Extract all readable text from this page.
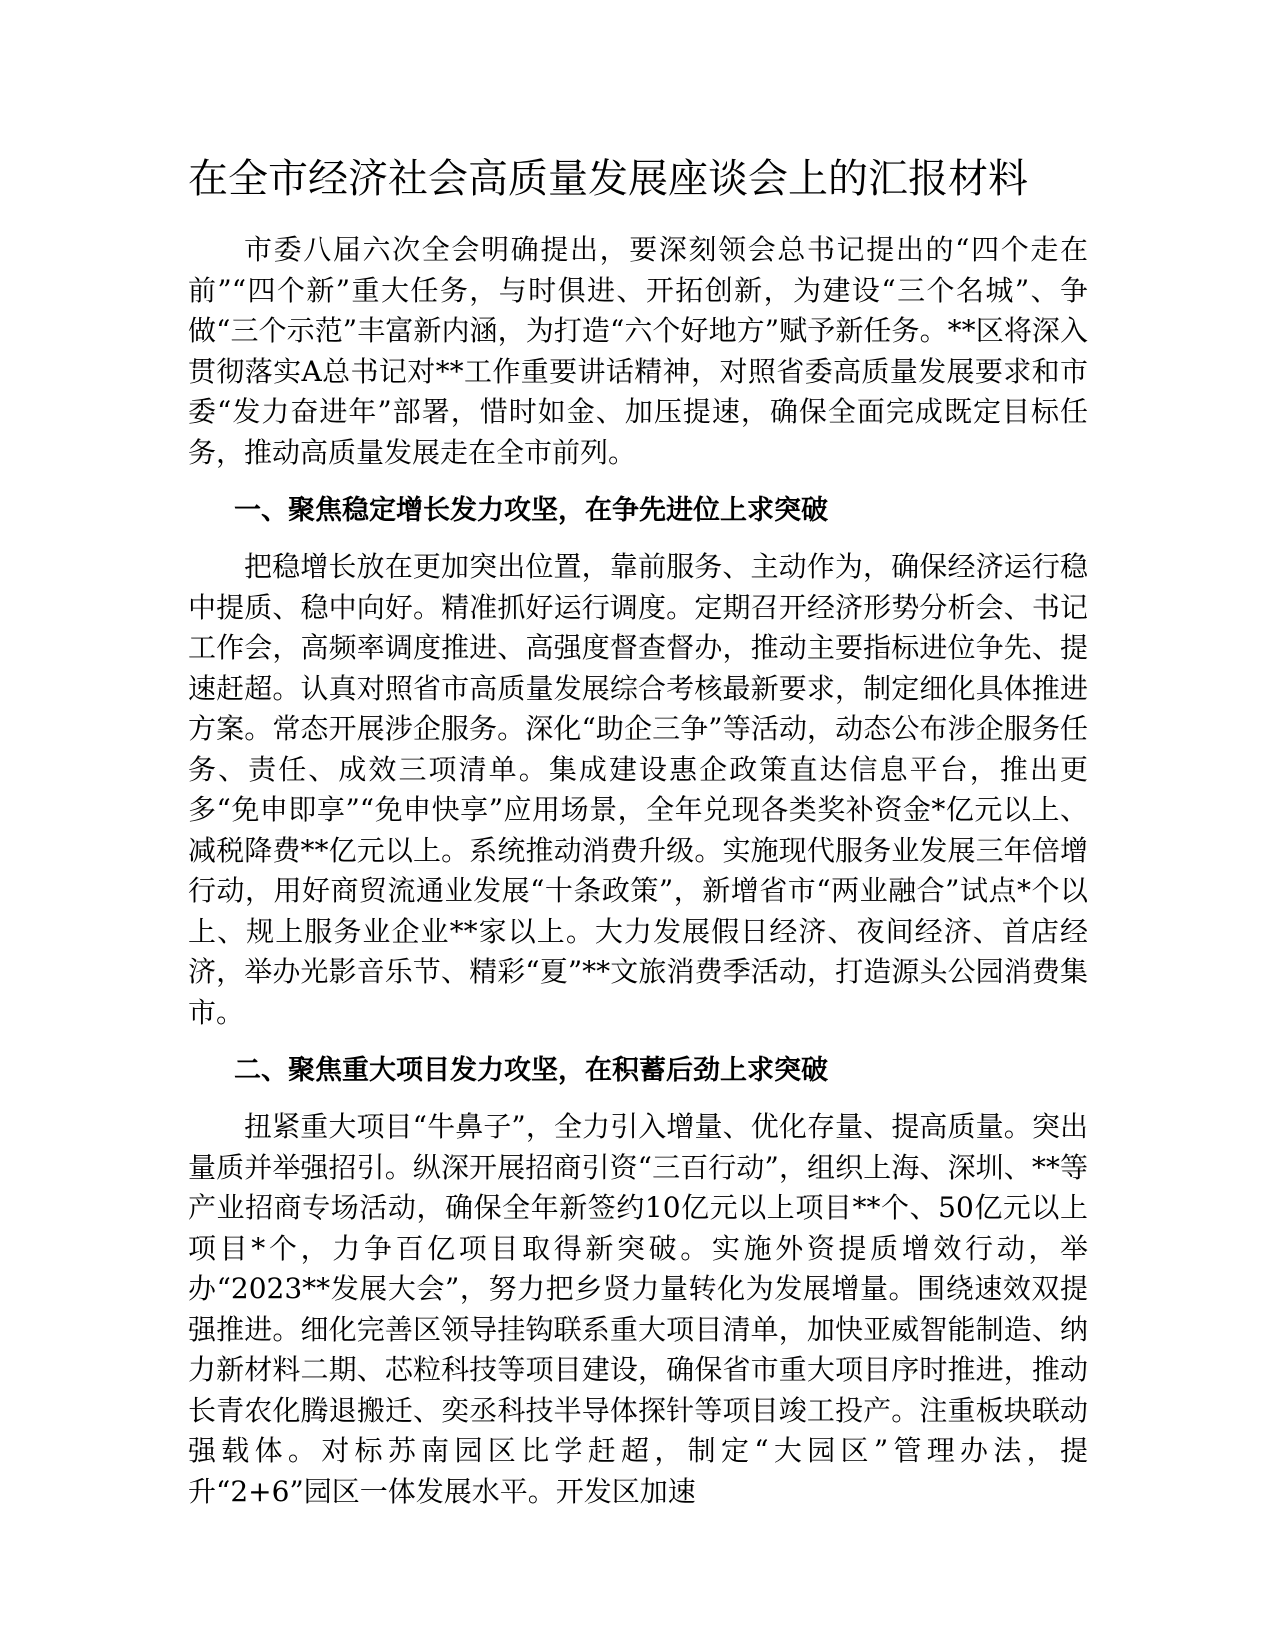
在全市经济社会高质量发展座谈会上的汇报材料

市委八届六次全会明确提出，要深刻领会总书记提出的“四个走在前”“四个新”重大任务，与时俱进、开拓创新，为建设“三个名城”、争做“三个示范”丰富新内涵，为打造“六个好地方”赋予新任务。**区将深入贯彻落实A总书记对**工作重要讲话精神，对照省委高质量发展要求和市委“发力奋进年”部署，惜时如金、加压提速，确保全面完成既定目标任务，推动高质量发展走在全市前列。

一、聚焦稳定增长发力攻坚，在争先进位上求突破

把稳增长放在更加突出位置，靠前服务、主动作为，确保经济运行稳中提质、稳中向好。精准抓好运行调度。定期召开经济形势分析会、书记工作会，高频率调度推进、高强度督查督办，推动主要指标进位争先、提速赶超。认真对照省市高质量发展综合考核最新要求，制定细化具体推进方案。常态开展涉企服务。深化“助企三争”等活动，动态公布涉企服务任务、责任、成效三项清单。集成建设惠企政策直达信息平台，推出更多“免申即享”“免申快享”应用场景，全年兑现各类奖补资金*亿元以上、减税降费**亿元以上。系统推动消费升级。实施现代服务业发展三年倍增行动，用好商贸流通业发展“十条政策”，新增省市“两业融合”试点*个以上、规上服务业企业**家以上。大力发展假日经济、夜间经济、首店经济，举办光影音乐节、精彩“夏”**文旅消费季活动，打造源头公园消费集市。

二、聚焦重大项目发力攻坚，在积蓄后劲上求突破

扭紧重大项目“牛鼻子”，全力引入增量、优化存量、提高质量。突出量质并举强招引。纵深开展招商引资“三百行动”，组织上海、深圳、**等产业招商专场活动，确保全年新签约10亿元以上项目**个、50亿元以上项目*个，力争百亿项目取得新突破。实施外资提质增效行动，举办“2023**发展大会”，努力把乡贤力量转化为发展增量。围绕速效双提强推进。细化完善区领导挂钩联系重大项目清单，加快亚威智能制造、纳力新材料二期、芯粒科技等项目建设，确保省市重大项目序时推进，推动长青农化腾退搬迁、奕丞科技半导体探针等项目竣工投产。注重板块联动强载体。对标苏南园区比学赶超，制定“大园区”管理办法，提升“2+6”园区一体发展水平。开发区加速
